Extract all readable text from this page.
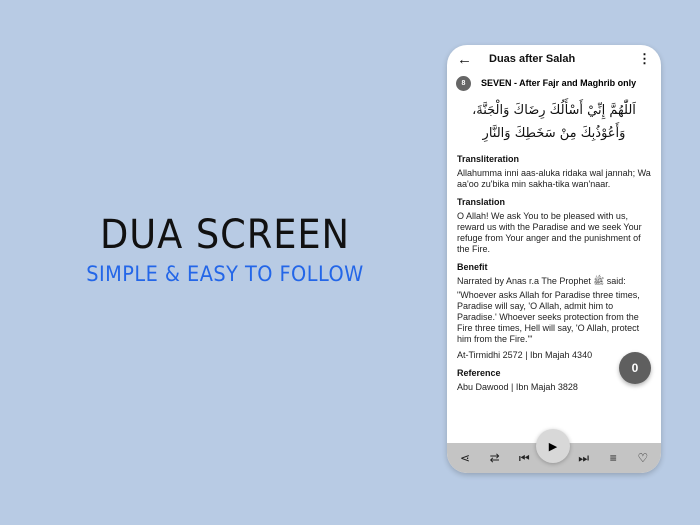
DUA SCREEN
SIMPLE & EASY TO FOLLOW
←	Duas after Salah	⋮
8	SEVEN - After Fajr and Maghrib only
اَللّٰهُمَّ إِنِّيْ أَسْأَلُكَ رِضَاكَ وَالْجَنَّةَ،
وَأَعُوْذُبِكَ مِنْ سَخَطِكَ وَالنَّارِ
Transliteration

Allahumma inni aas-aluka ridaka wal jannah; Wa aa'oo zu'bika min sakha-tika wan'naar.

Translation

O Allah! We ask You to be pleased with us, reward us with the Paradise and we seek Your refuge from Your anger and the punishment of the Fire.

Benefit

Narrated by Anas r.a The Prophet ﷺ said:

"Whoever asks Allah for Paradise three times, Paradise will say, 'O Allah, admit him to Paradise.' Whoever seeks protection from the Fire three times, Hell will say, 'O Allah, protect him from the Fire.'"

0

At-Tirmidhi 2572 | Ibn Majah 4340

Reference

Abu Dawood | Ibn Majah 3828

⋖	⇄	⏮	⏭	≡	♡
▶
